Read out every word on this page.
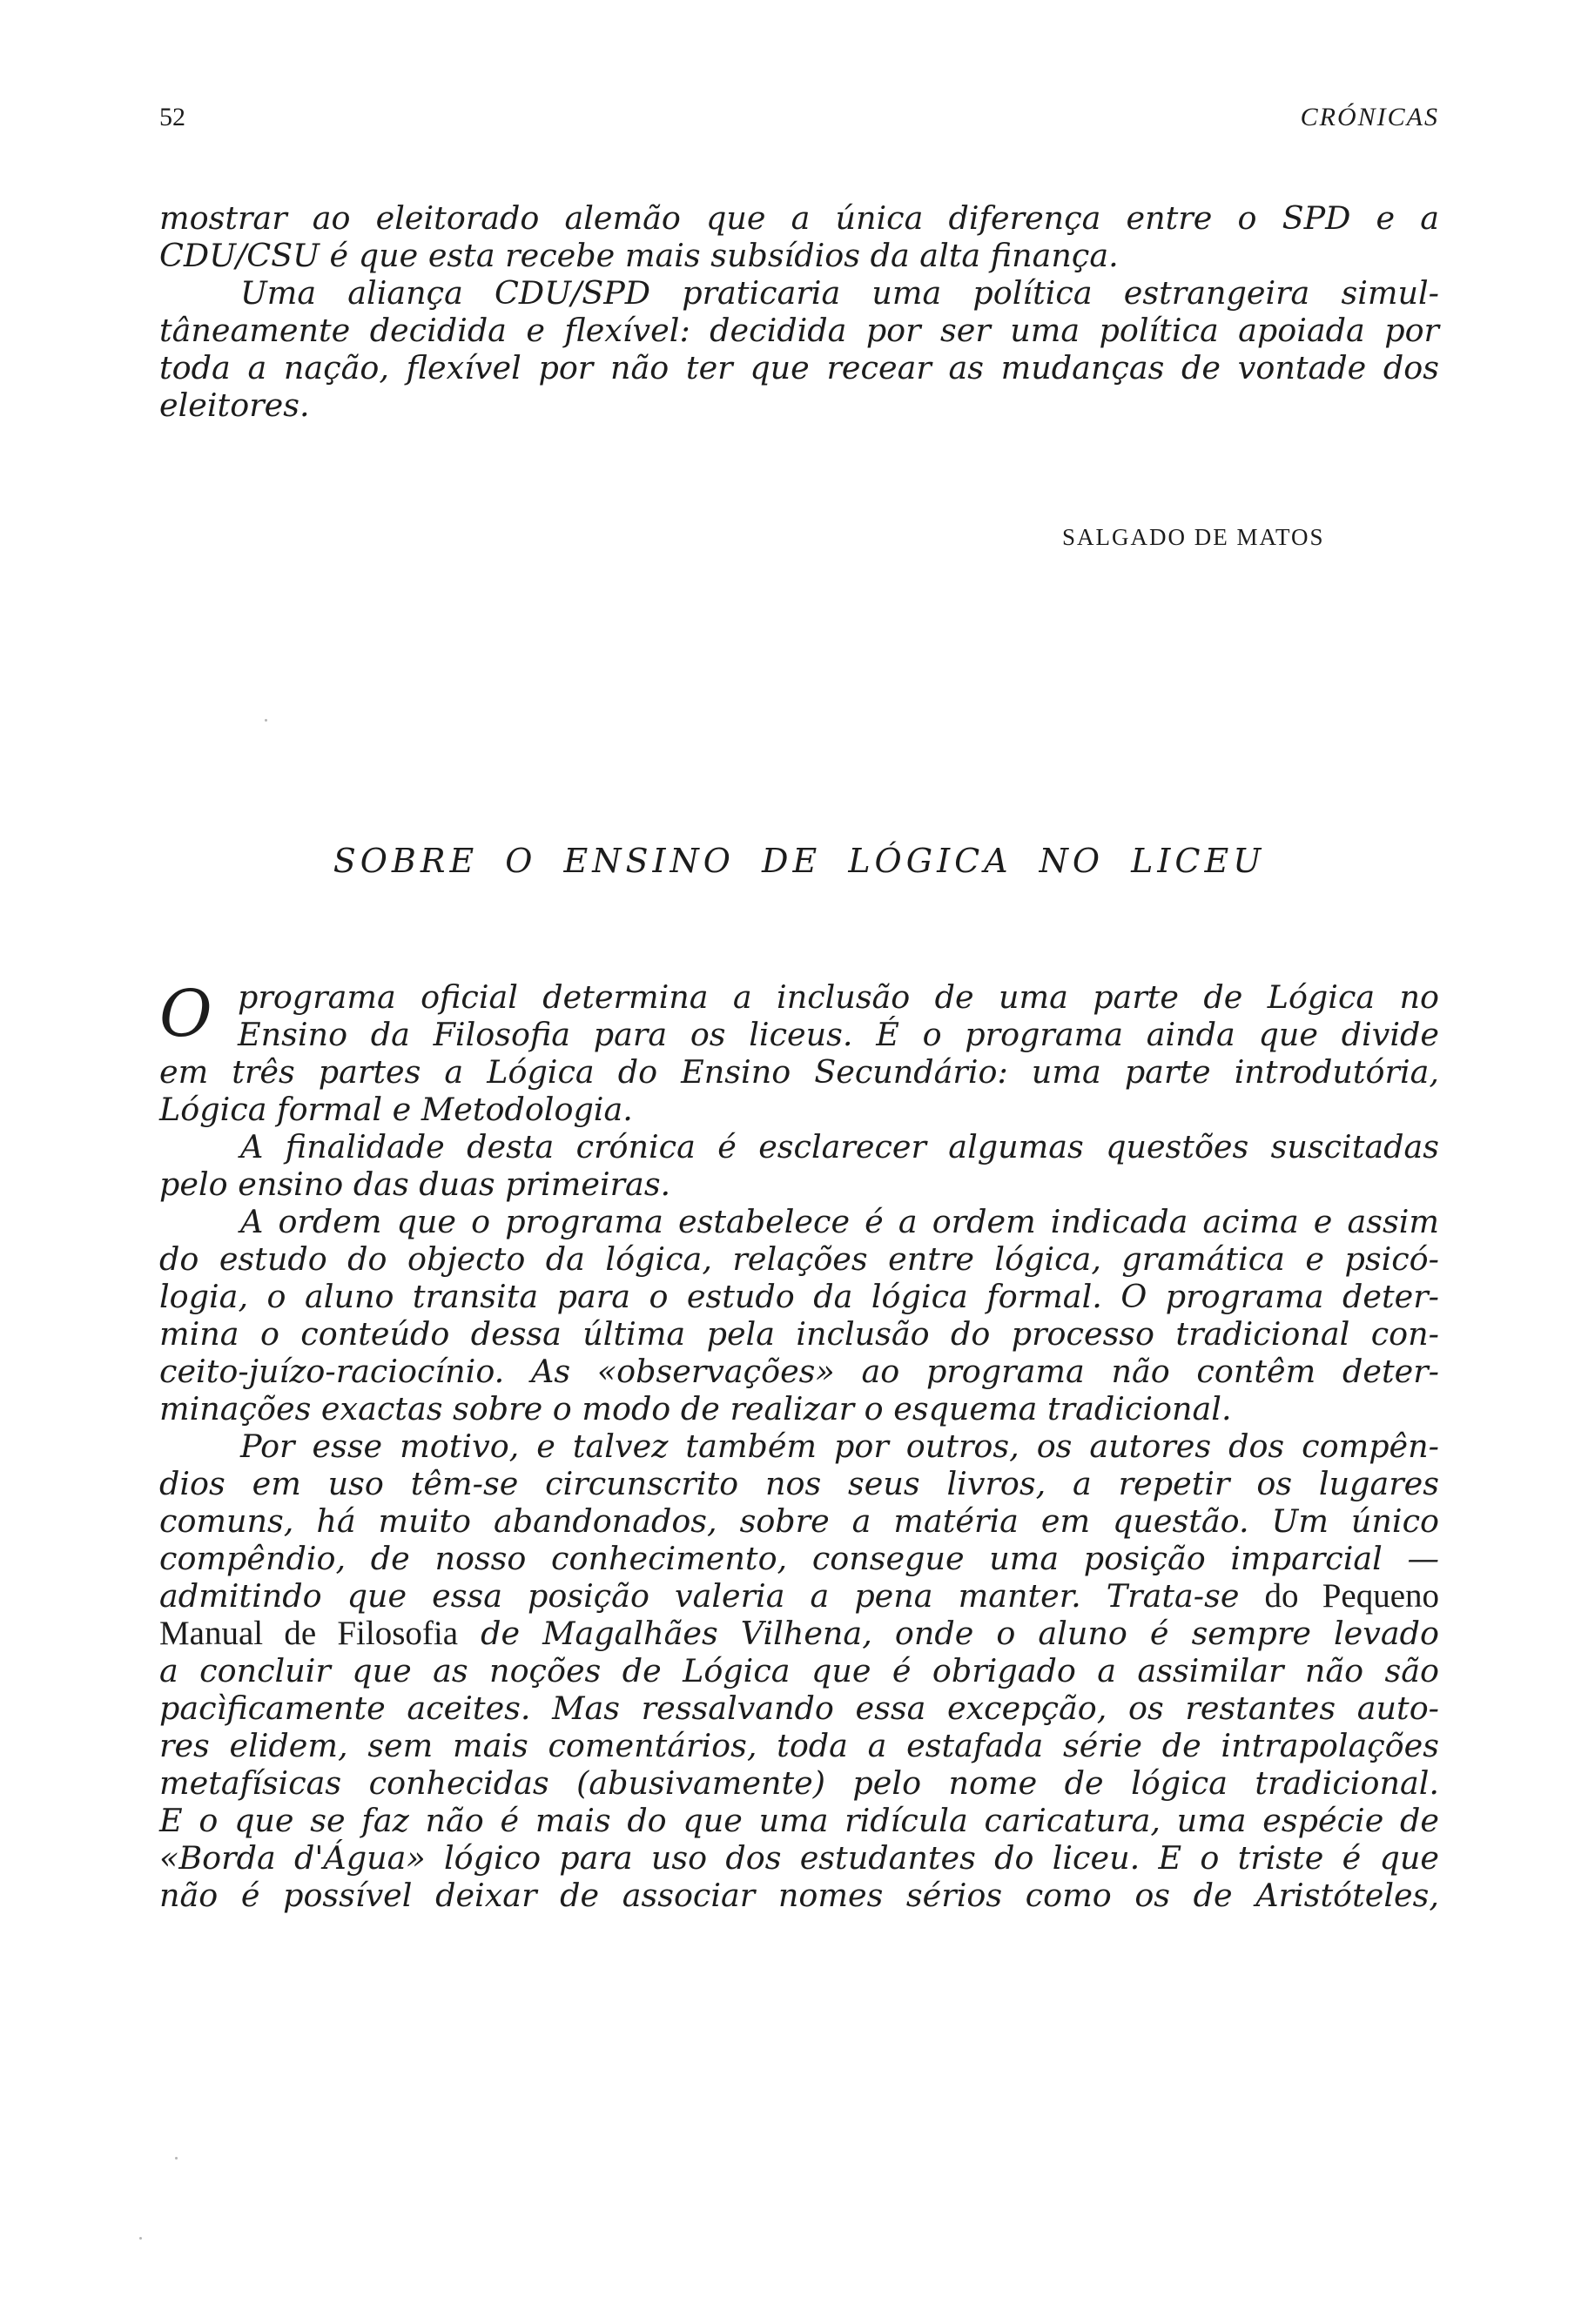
52	CRÓNICAS
mostrar ao eleitorado alemão que a única diferença entre o SPD e a
CDU/CSU é que esta recebe mais subsídios da alta finança.
Uma aliança CDU/SPD praticaria uma política estrangeira simul-
tâneamente decidida e flexível: decidida por ser uma política apoiada por
toda a nação, flexível por não ter que recear as mudanças de vontade dos
eleitores.
SALGADO DE MATOS
SOBRE O ENSINO DE LÓGICA NO LICEU
O programa oficial determina a inclusão de uma parte de Lógica no
Ensino da Filosofia para os liceus. É o programa ainda que divide
em três partes a Lógica do Ensino Secundário: uma parte introdutória,
Lógica formal e Metodologia.
A finalidade desta crónica é esclarecer algumas questões suscitadas
pelo ensino das duas primeiras.
A ordem que o programa estabelece é a ordem indicada acima e assim
do estudo do objecto da lógica, relações entre lógica, gramática e psicó-
logia, o aluno transita para o estudo da lógica formal. O programa deter-
mina o conteúdo dessa última pela inclusão do processo tradicional con-
ceito-juízo-raciocínio. As «observações» ao programa não contêm deter-
minações exactas sobre o modo de realizar o esquema tradicional.
Por esse motivo, e talvez também por outros, os autores dos compên-
dios em uso têm-se circunscrito nos seus livros, a repetir os lugares
comuns, há muito abandonados, sobre a matéria em questão. Um único
compêndio, de nosso conhecimento, consegue uma posição imparcial —
admitindo que essa posição valeria a pena manter. Trata-se do Pequeno
Manual de Filosofia de Magalhães Vilhena, onde o aluno é sempre levado
a concluir que as noções de Lógica que é obrigado a assimilar não são
pacìficamente aceites. Mas ressalvando essa excepção, os restantes auto-
res elidem, sem mais comentários, toda a estafada série de intrapolações
metafísicas conhecidas (abusivamente) pelo nome de lógica tradicional.
E o que se faz não é mais do que uma ridícula caricatura, uma espécie de
«Borda d'Água» lógico para uso dos estudantes do liceu. E o triste é que
não é possível deixar de associar nomes sérios como os de Aristóteles,
